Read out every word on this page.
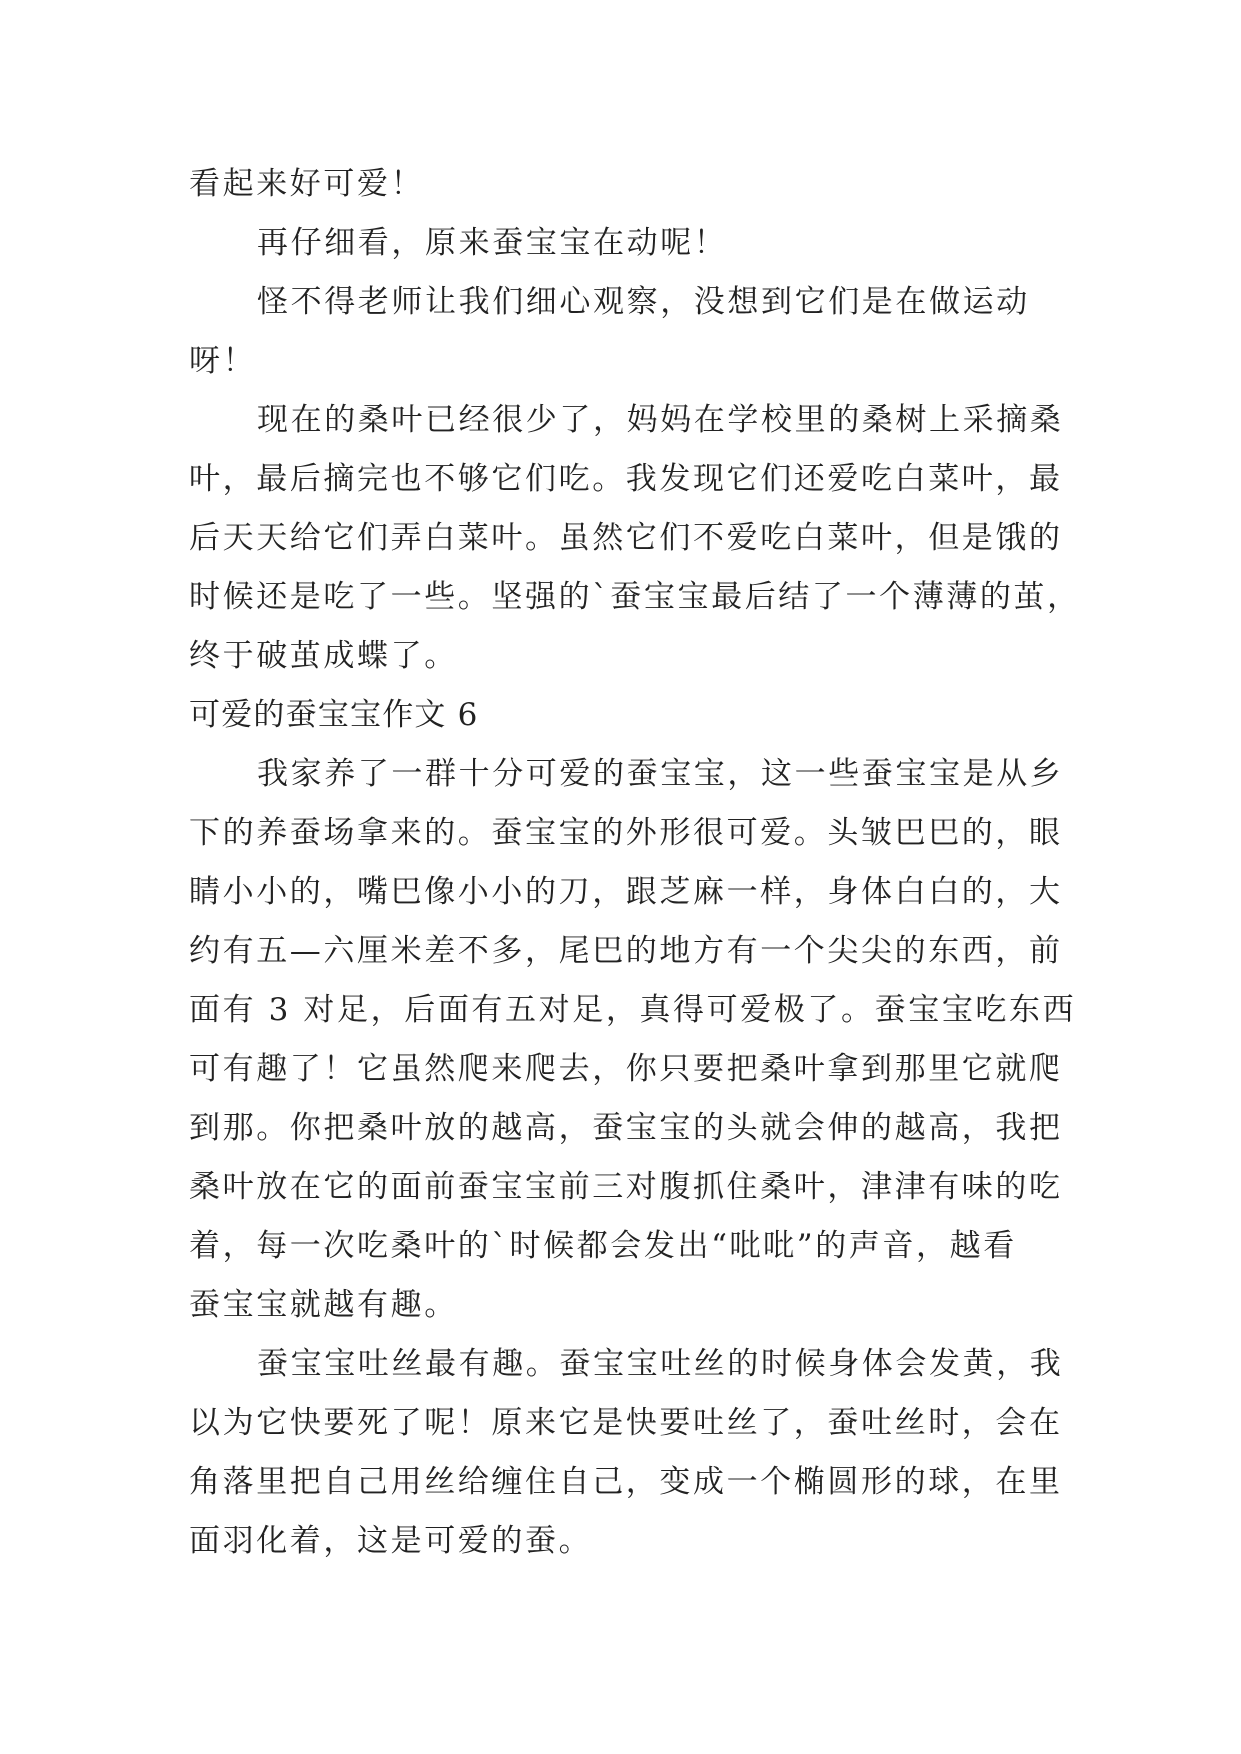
看起来好可爱！
再仔细看，原来蚕宝宝在动呢！
怪不得老师让我们细心观察，没想到它们是在做运动
呀！
现在的桑叶已经很少了，妈妈在学校里的桑树上采摘桑
叶，最后摘完也不够它们吃。我发现它们还爱吃白菜叶，最
后天天给它们弄白菜叶。虽然它们不爱吃白菜叶，但是饿的
时候还是吃了一些。坚强的`蚕宝宝最后结了一个薄薄的茧，
终于破茧成蝶了。
可爱的蚕宝宝作文 6
我家养了一群十分可爱的蚕宝宝，这一些蚕宝宝是从乡
下的养蚕场拿来的。蚕宝宝的外形很可爱。头皱巴巴的，眼
睛小小的，嘴巴像小小的刀，跟芝麻一样，身体白白的，大
约有五—六厘米差不多，尾巴的地方有一个尖尖的东西，前
面有 3 对足，后面有五对足，真得可爱极了。蚕宝宝吃东西
可有趣了！它虽然爬来爬去，你只要把桑叶拿到那里它就爬
到那。你把桑叶放的越高，蚕宝宝的头就会伸的越高，我把
桑叶放在它的面前蚕宝宝前三对腹抓住桑叶，津津有味的吃
着，每一次吃桑叶的`时候都会发出“吡吡”的声音，越看
蚕宝宝就越有趣。
蚕宝宝吐丝最有趣。蚕宝宝吐丝的时候身体会发黄，我
以为它快要死了呢！原来它是快要吐丝了，蚕吐丝时，会在
角落里把自己用丝给缠住自己，变成一个椭圆形的球，在里
面羽化着，这是可爱的蚕。
